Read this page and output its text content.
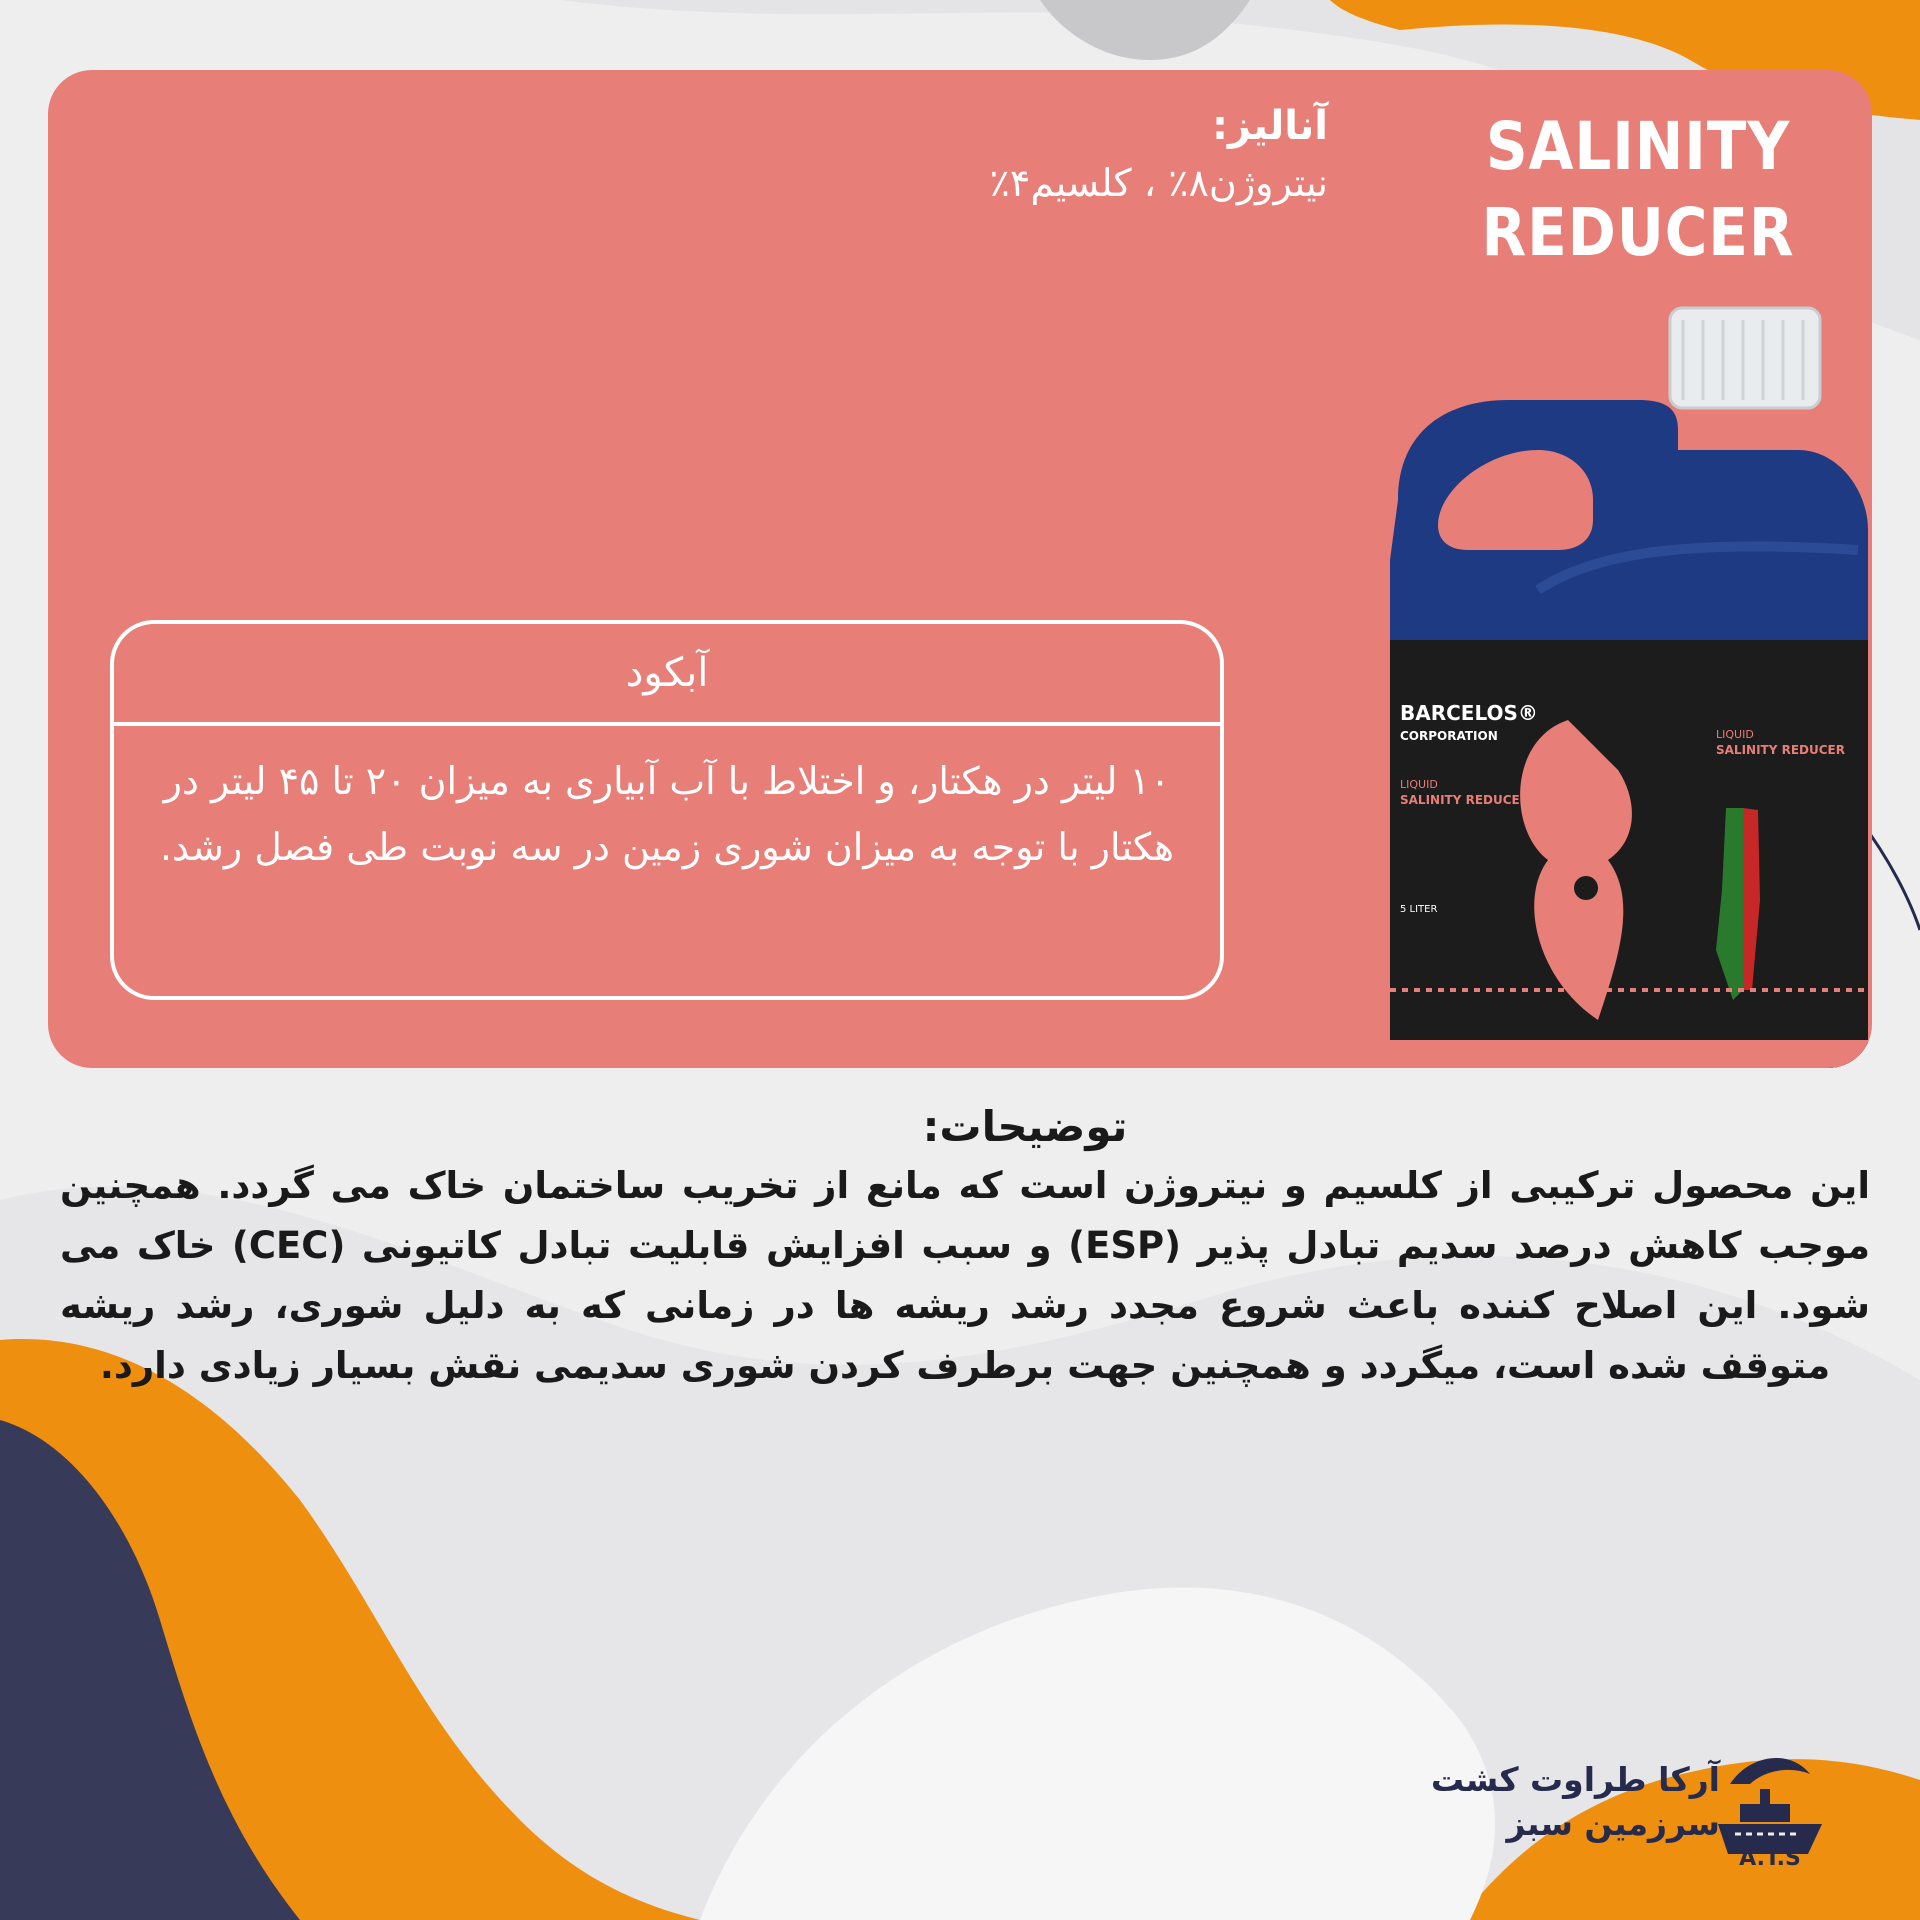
SALINITY
REDUCER
آنالیز:
نیتروژن۸٪ ، کلسیم۴٪
آبکود
۱۰ لیتر در هکتار، و اختلاط با آب آبیاری به میزان ۲۰ تا ۴۵ لیتر در هکتار با توجه به میزان شوری زمین در سه نوبت طی فصل رشد.
BARCELOS®
CORPORATION
LIQUID
SALINITY REDUCER
LIQUID
SALINITY REDUCER
5 LITER
توضیحات:
این محصول ترکیبی از کلسیم و نیتروژن است که مانع از تخریب ساختمان خاک می گردد. همچنین موجب کاهش درصد سدیم تبادل پذیر (ESP) و سبب افزایش قابلیت تبادل کاتیونی (CEC) خاک می شود. این اصلاح کننده باعث شروع مجدد رشد ریشه ها در زمانی که به دلیل شوری، رشد ریشه متوقف شده است، میگردد و همچنین جهت برطرف کردن شوری سدیمی نقش بسیار زیادی دارد.
آرکا طراوت کشت
سرزمین سبز
A.T.S
